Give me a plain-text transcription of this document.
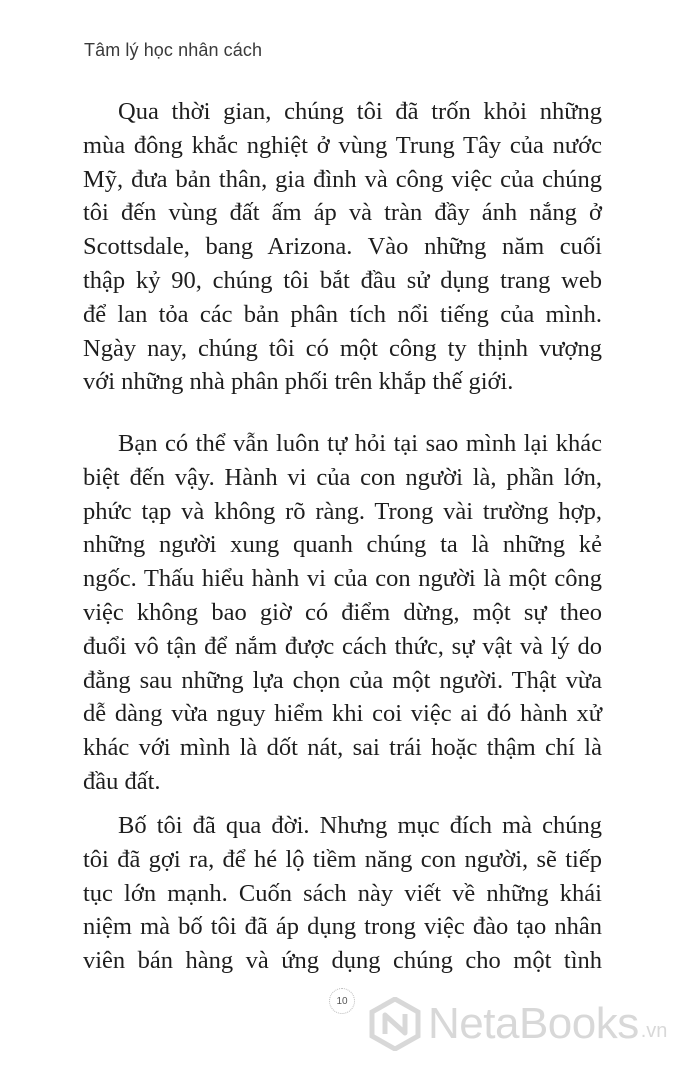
Tâm lý học nhân cách
Qua thời gian, chúng tôi đã trốn khỏi những
mùa đông khắc nghiệt ở vùng Trung Tây của nước
Mỹ, đưa bản thân, gia đình và công việc của chúng
tôi đến vùng đất ấm áp và tràn đầy ánh nắng ở
Scottsdale, bang Arizona. Vào những năm cuối
thập kỷ 90, chúng tôi bắt đầu sử dụng trang web
để lan tỏa các bản phân tích nổi tiếng của mình.
Ngày nay, chúng tôi có một công ty thịnh vượng
với những nhà phân phối trên khắp thế giới.
Bạn có thể vẫn luôn tự hỏi tại sao mình lại khác
biệt đến vậy. Hành vi của con người là, phần lớn,
phức tạp và không rõ ràng. Trong vài trường hợp,
những người xung quanh chúng ta là những kẻ
ngốc. Thấu hiểu hành vi của con người là một công
việc không bao giờ có điểm dừng, một sự theo
đuổi vô tận để nắm được cách thức, sự vật và lý do
đằng sau những lựa chọn của một người. Thật vừa
dễ dàng vừa nguy hiểm khi coi việc ai đó hành xử
khác với mình là dốt nát, sai trái hoặc thậm chí là
đầu đất.
Bố tôi đã qua đời. Nhưng mục đích mà chúng
tôi đã gợi ra, để hé lộ tiềm năng con người, sẽ tiếp
tục lớn mạnh. Cuốn sách này viết về những khái
niệm mà bố tôi đã áp dụng trong việc đào tạo nhân
viên bán hàng và ứng dụng chúng cho một tình
10 NetaBooks .vn
